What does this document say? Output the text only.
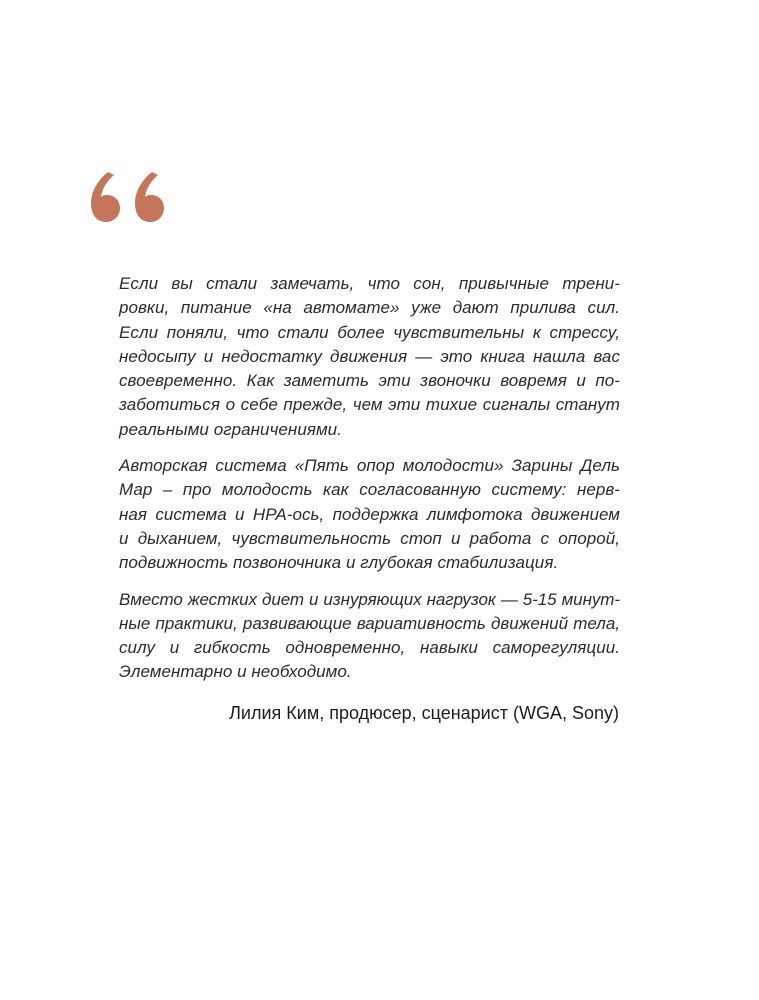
Если вы стали замечать, что сон, привычные трени-
ровки, питание «на автомате» уже дают прилива сил.
Если поняли, что стали более чувствительны к стрессу,
недосыпу и недостатку движения — это книга нашла вас
своевременно. Как заметить эти звоночки вовремя и по-
заботиться о себе прежде, чем эти тихие сигналы станут
реальными ограничениями.
Авторская система «Пять опор молодости» Зарины Дель
Мар – про молодость как согласованную систему: нерв-
ная система и HPA-ось, поддержка лимфотока движением
и дыханием, чувствительность стоп и работа с опорой,
подвижность позвоночника и глубокая стабилизация.
Вместо жестких диет и изнуряющих нагрузок — 5-15 минут-
ные практики, развивающие вариативность движений тела,
силу и гибкость одновременно, навыки саморегуляции.
Элементарно и необходимо.
Лилия Ким, продюсер, сценарист (WGA, Sony)
